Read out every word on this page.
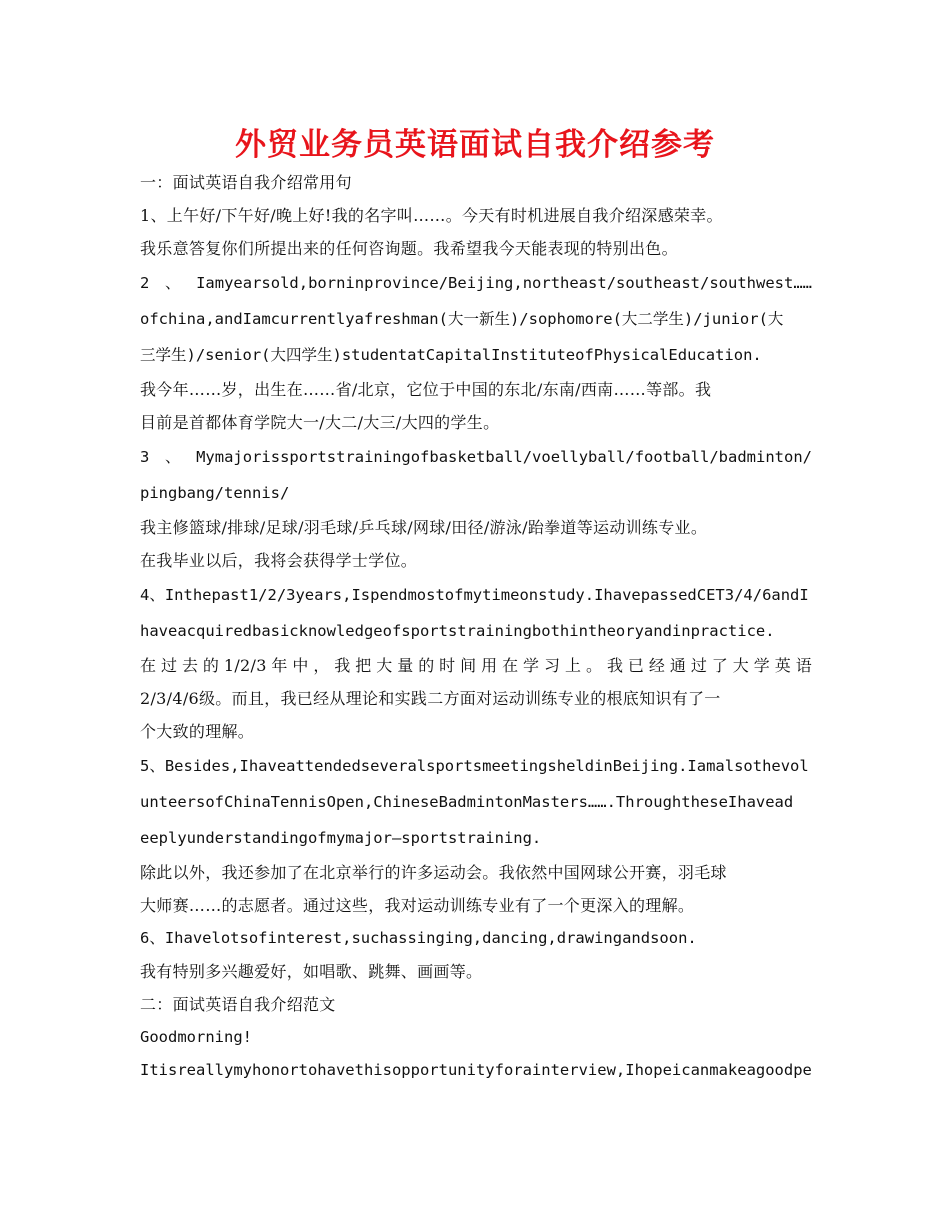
外贸业务员英语面试自我介绍参考

一：面试英语自我介绍常用句

1、上午好/下午好/晚上好!我的名字叫……。今天有时机进展自我介绍深感荣幸。

我乐意答复你们所提出来的任何咨询题。我希望我今天能表现的特别出色。

2、Iamyearsold,borninprovince/Beijing,northeast/southeast/southwest……

ofchina,andIamcurrentlyafreshman(大一新生)/sophomore(大二学生)/junior(大

三学生)/senior(大四学生)studentatCapitalInstituteofPhysicalEducation.

我今年……岁，出生在……省/北京，它位于中国的东北/东南/西南……等部。我

目前是首都体育学院大一/大二/大三/大四的学生。

3、Mymajorissportstrainingofbasketball/voellyball/football/badminton/

pingbang/tennis/

我主修篮球/排球/足球/羽毛球/乒乓球/网球/田径/游泳/跆拳道等运动训练专业。

在我毕业以后，我将会获得学士学位。

4、Inthepast1/2/3years,Ispendmostofmytimeonstudy.IhavepassedCET3/4/6andI

haveacquiredbasicknowledgeofsportstrainingbothintheoryandinpractice.

在过去的1/2/3年中，我把大量的时间用在学习上。我已经通过了大学英语

2/3/4/6级。而且，我已经从理论和实践二方面对运动训练专业的根底知识有了一

个大致的理解。

5、Besides,IhaveattendedseveralsportsmeetingsheldinBeijing.Iamalsothevol

unteersofChinaTennisOpen,ChineseBadmintonMasters…….ThroughtheseIhavead

eeplyunderstandingofmymajor—sportstraining.

除此以外，我还参加了在北京举行的许多运动会。我依然中国网球公开赛，羽毛球

大师赛……的志愿者。通过这些，我对运动训练专业有了一个更深入的理解。

6、Ihavelotsofinterest,suchassinging,dancing,drawingandsoon.

我有特别多兴趣爱好，如唱歌、跳舞、画画等。

二：面试英语自我介绍范文

Goodmorning!

Itisreallymyhonortohavethisopportunityforainterview,Ihopeicanmakeagoodpe
